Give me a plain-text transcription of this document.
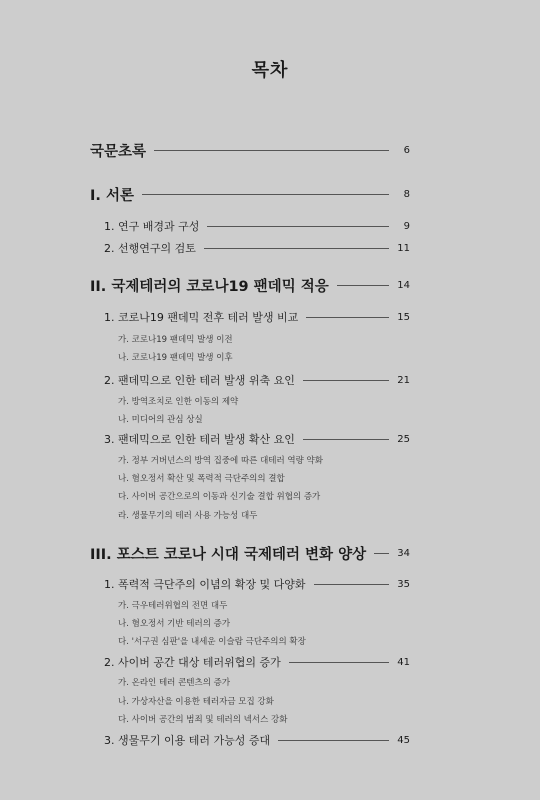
목차
국문초록	6
I. 서론	8
1. 연구 배경과 구성	9
2. 선행연구의 검토	11
II. 국제테러의 코로나19 팬데믹 적응	14
1. 코로나19 팬데믹 전후 테러 발생 비교	15
가. 코로나19 팬데믹 발생 이전
나. 코로나19 팬데믹 발생 이후
2. 팬데믹으로 인한 테러 발생 위축 요인	21
가. 방역조치로 인한 이동의 제약
나. 미디어의 관심 상실
3. 팬데믹으로 인한 테러 발생 확산 요인	25
가. 정부 거버넌스의 방역 집중에 따른 대테러 역량 약화
나. 혐오정서 확산 및 폭력적 극단주의의 결합
다. 사이버 공간으로의 이동과 신기술 결합 위협의 증가
라. 생물무기의 테러 사용 가능성 대두
III. 포스트 코로나 시대 국제테러 변화 양상	34
1. 폭력적 극단주의 이념의 확장 및 다양화	35
가. 극우테러위협의 전면 대두
나. 혐오정서 기반 테러의 증가
다. '서구권 심판'을 내세운 이슬람 극단주의의 확장
2. 사이버 공간 대상 테러위협의 증가	41
가. 온라인 테러 콘텐츠의 증가
나. 가상자산을 이용한 테러자금 모집 강화
다. 사이버 공간의 범죄 및 테러의 넥서스 강화
3. 생물무기 이용 테러 가능성 증대	45
